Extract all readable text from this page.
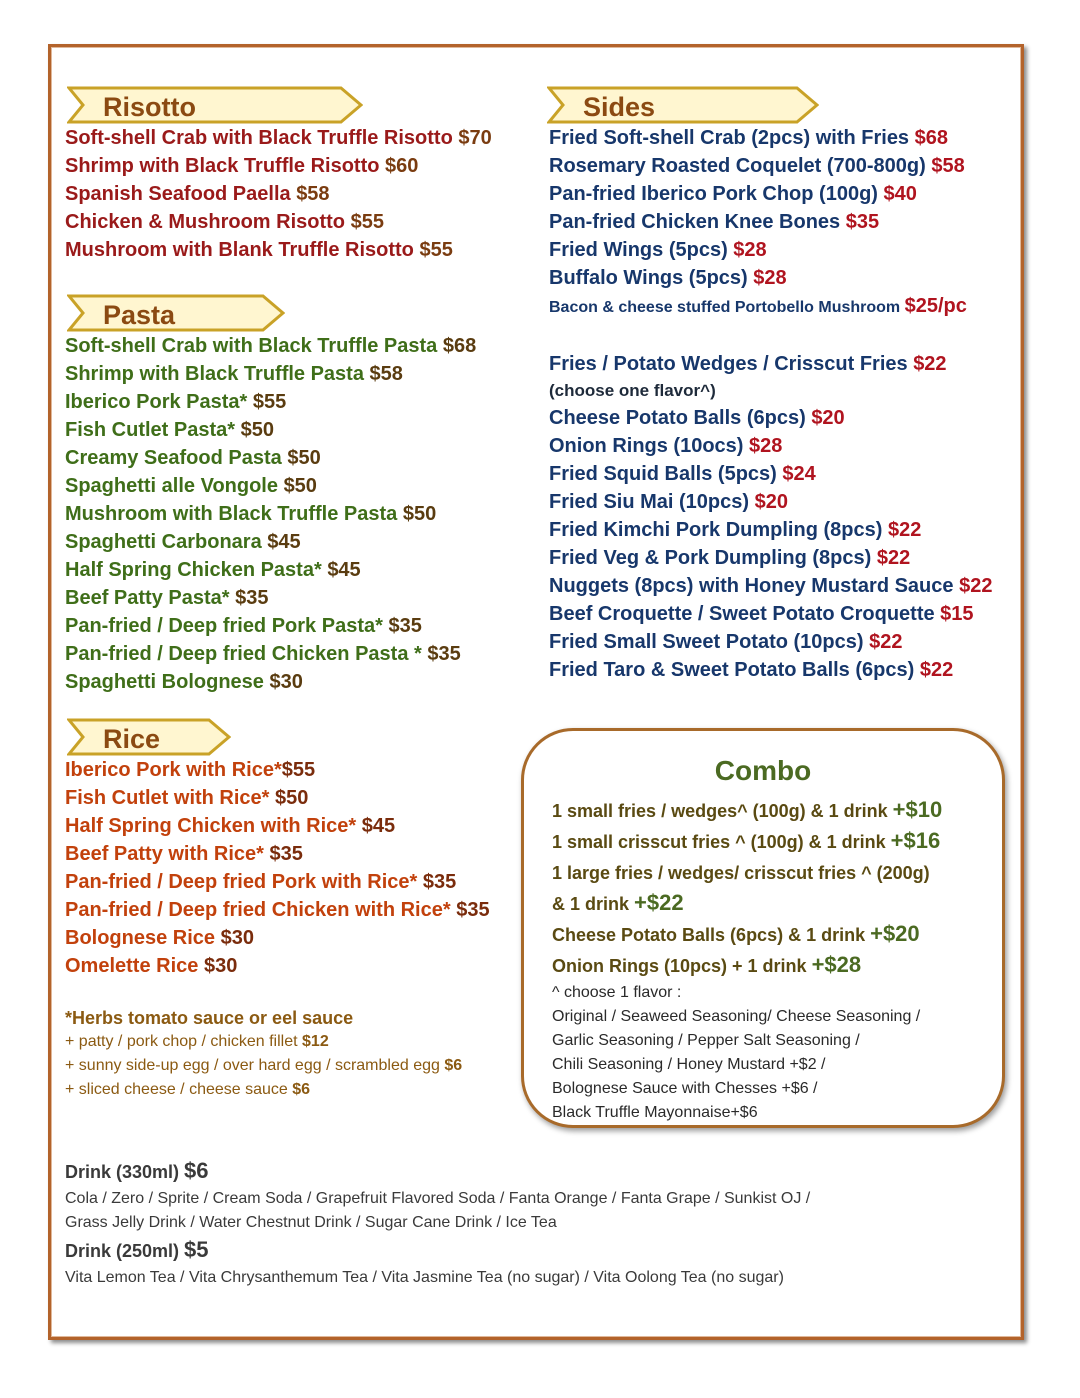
Risotto
Soft-shell Crab with Black Truffle Risotto $70
Shrimp with Black Truffle Risotto $60
Spanish Seafood Paella $58
Chicken & Mushroom Risotto $55
Mushroom with Blank Truffle Risotto $55
Pasta
Soft-shell Crab with Black Truffle Pasta $68
Shrimp with Black Truffle Pasta $58
Iberico Pork Pasta* $55
Fish Cutlet Pasta* $50
Creamy Seafood Pasta $50
Spaghetti alle Vongole $50
Mushroom with Black Truffle Pasta $50
Spaghetti Carbonara $45
Half Spring Chicken Pasta* $45
Beef Patty Pasta* $35
Pan-fried / Deep fried Pork Pasta* $35
Pan-fried / Deep fried Chicken Pasta * $35
Spaghetti Bolognese $30
Rice
Iberico Pork with Rice*$55
Fish Cutlet with Rice* $50
Half Spring Chicken with Rice* $45
Beef Patty with Rice* $35
Pan-fried / Deep fried Pork with Rice* $35
Pan-fried / Deep fried Chicken with Rice* $35
Bolognese Rice $30
Omelette Rice $30
*Herbs tomato sauce or eel sauce
+ patty / pork chop / chicken fillet $12
+ sunny side-up egg / over hard egg / scrambled egg $6
+ sliced cheese / cheese sauce $6
Sides
Fried Soft-shell Crab (2pcs) with Fries $68
Rosemary Roasted Coquelet (700-800g) $58
Pan-fried Iberico Pork Chop (100g) $40
Pan-fried Chicken Knee Bones $35
Fried Wings (5pcs) $28
Buffalo Wings (5pcs) $28
Bacon & cheese stuffed Portobello Mushroom $25/pc
Fries / Potato Wedges / Crisscut Fries $22
(choose one flavor^)
Cheese Potato Balls (6pcs) $20
Onion Rings (10ocs) $28
Fried Squid Balls (5pcs) $24
Fried Siu Mai (10pcs) $20
Fried Kimchi Pork Dumpling (8pcs) $22
Fried Veg & Pork Dumpling (8pcs) $22
Nuggets (8pcs) with Honey Mustard Sauce $22
Beef Croquette / Sweet Potato Croquette $15
Fried Small Sweet Potato (10pcs) $22
Fried Taro & Sweet Potato Balls (6pcs) $22
Combo
1 small fries / wedges^ (100g) & 1 drink +$10
1 small crisscut fries ^ (100g) & 1 drink +$16
1 large fries / wedges/ crisscut fries ^ (200g)
& 1 drink +$22
Cheese Potato Balls (6pcs) & 1 drink +$20
Onion Rings (10pcs) + 1 drink +$28
^ choose 1 flavor :
Original / Seaweed Seasoning/ Cheese Seasoning /
Garlic Seasoning / Pepper Salt Seasoning /
Chili Seasoning / Honey Mustard +$2 /
Bolognese Sauce with Chesses +$6 /
Black Truffle Mayonnaise+$6
Drink (330ml) $6
Cola / Zero / Sprite / Cream Soda / Grapefruit Flavored Soda / Fanta Orange / Fanta Grape / Sunkist OJ /
Grass Jelly Drink / Water Chestnut Drink / Sugar Cane Drink / Ice Tea
Drink (250ml) $5
Vita Lemon Tea / Vita Chrysanthemum Tea / Vita Jasmine Tea (no sugar) / Vita Oolong Tea (no sugar)
